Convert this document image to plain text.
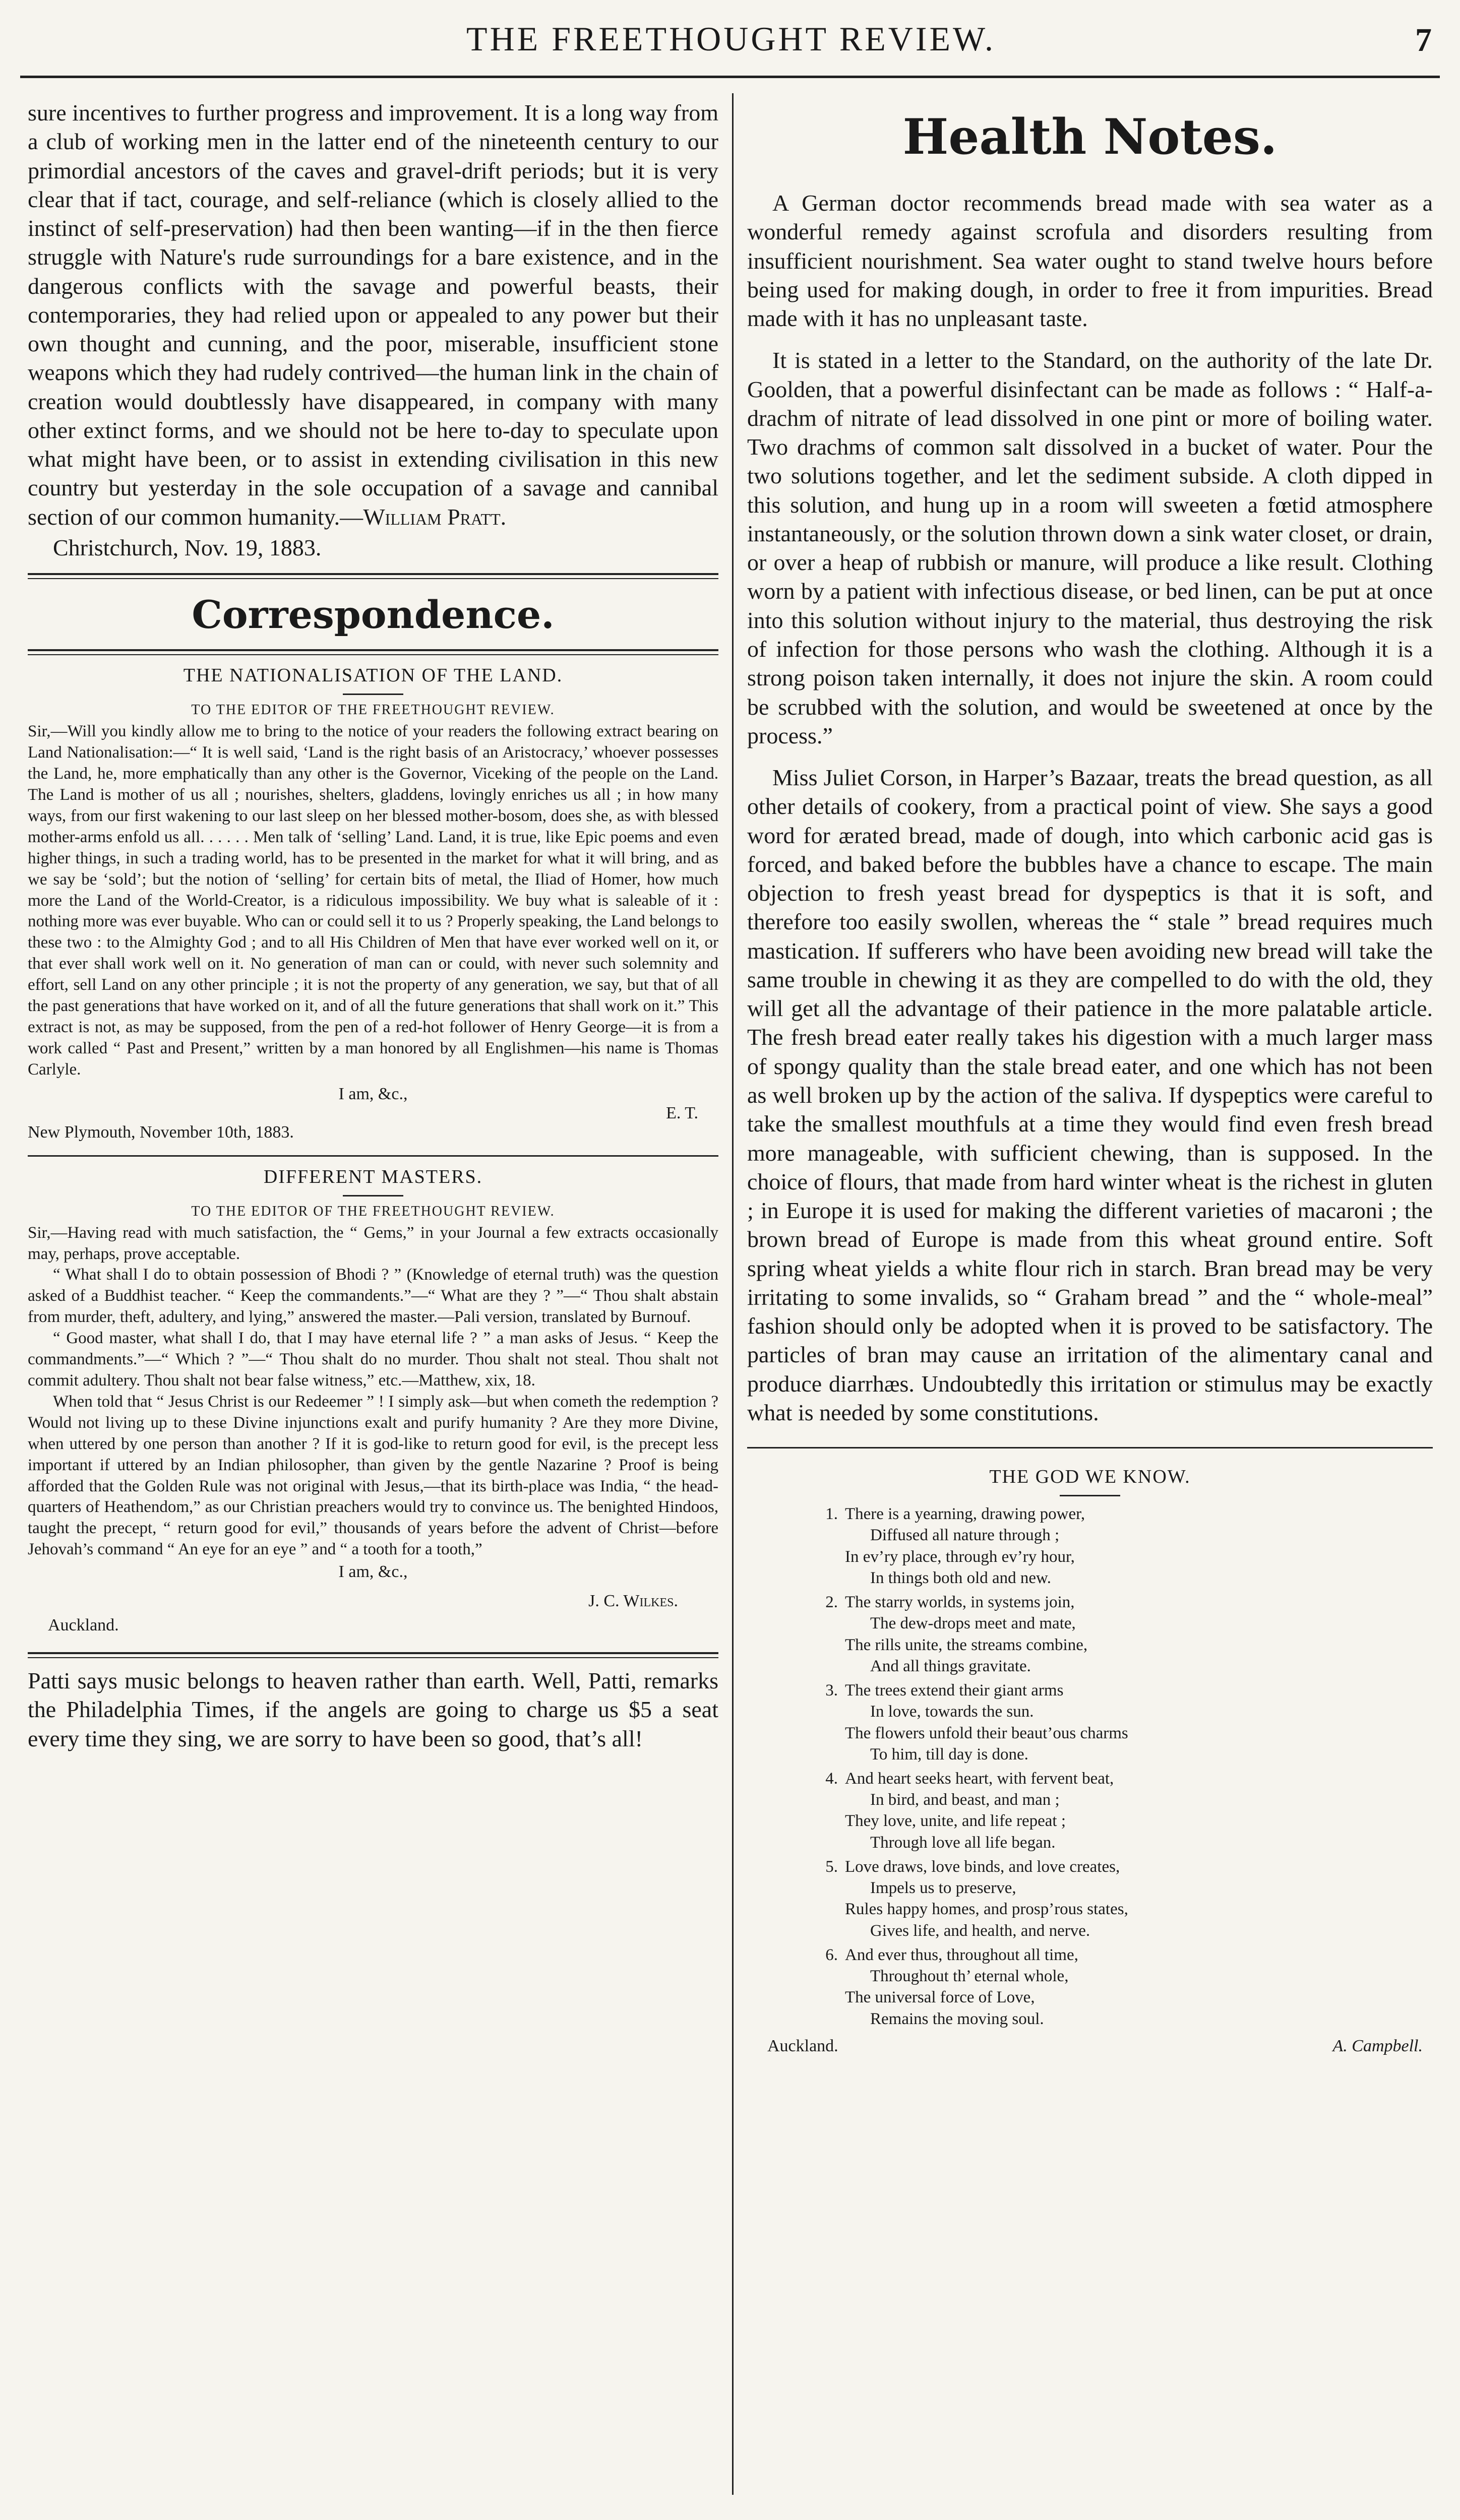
THE FREETHOUGHT REVIEW.	7

sure incentives to further progress and improvement. It is a long way from a club of working men in the latter end of the nineteenth century to our primordial ancestors of the caves and gravel-drift periods; but it is very clear that if tact, courage, and self-reliance (which is closely allied to the instinct of self-preservation) had then been wanting—if in the then fierce struggle with Nature's rude surroundings for a bare existence, and in the dangerous conflicts with the savage and powerful beasts, their contemporaries, they had relied upon or appealed to any power but their own thought and cunning, and the poor, miserable, insufficient stone weapons which they had rudely contrived—the human link in the chain of creation would doubtlessly have disappeared, in company with many other extinct forms, and we should not be here to-day to speculate upon what might have been, or to assist in extending civilisation in this new country but yesterday in the sole occupation of a savage and cannibal section of our common humanity.—William Pratt.

Christchurch, Nov. 19, 1883.

Correspondence.
THE NATIONALISATION OF THE LAND.
TO THE EDITOR OF THE FREETHOUGHT REVIEW.

Sir,—Will you kindly allow me to bring to the notice of your readers the following extract bearing on Land Nationalisation:—“ It is well said, ‘Land is the right basis of an Aristocracy,’ whoever possesses the Land, he, more emphatically than any other is the Governor, Viceking of the people on the Land. The Land is mother of us all ; nourishes, shelters, gladdens, lovingly enriches us all ; in how many ways, from our first wakening to our last sleep on her blessed mother-bosom, does she, as with blessed mother-arms enfold us all. . . . . . Men talk of ‘selling’ Land. Land, it is true, like Epic poems and even higher things, in such a trading world, has to be presented in the market for what it will bring, and as we say be ‘sold’; but the notion of ‘selling’ for certain bits of metal, the Iliad of Homer, how much more the Land of the World-Creator, is a ridiculous impossibility. We buy what is saleable of it : nothing more was ever buyable. Who can or could sell it to us ? Properly speaking, the Land belongs to these two : to the Almighty God ; and to all His Children of Men that have ever worked well on it, or that ever shall work well on it. No generation of man can or could, with never such solemnity and effort, sell Land on any other principle ; it is not the property of any generation, we say, but that of all the past generations that have worked on it, and of all the future generations that shall work on it.” This extract is not, as may be supposed, from the pen of a red-hot follower of Henry George—it is from a work called “ Past and Present,” written by a man honored by all Englishmen—his name is Thomas Carlyle.

I am, &c.,
E. T.
New Plymouth, November 10th, 1883.
DIFFERENT MASTERS.
TO THE EDITOR OF THE FREETHOUGHT REVIEW.

Sir,—Having read with much satisfaction, the “ Gems,” in your Journal a few extracts occasionally may, perhaps, prove acceptable.

“ What shall I do to obtain possession of Bhodi ? ” (Knowledge of eternal truth) was the question asked of a Buddhist teacher. “ Keep the commandents.”—“ What are they ? ”—“ Thou shalt abstain from murder, theft, adultery, and lying,” answered the master.—Pali version, translated by Burnouf.

“ Good master, what shall I do, that I may have eternal life ? ” a man asks of Jesus. “ Keep the commandments.”—“ Which ? ”—“ Thou shalt do no murder. Thou shalt not steal. Thou shalt not commit adultery. Thou shalt not bear false witness,” etc.—Matthew, xix, 18.

When told that “ Jesus Christ is our Redeemer ” ! I simply ask—but when cometh the redemption ? Would not living up to these Divine injunctions exalt and purify humanity ? Are they more Divine, when uttered by one person than another ? If it is god-like to return good for evil, is the precept less important if uttered by an Indian philosopher, than given by the gentle Nazarine ? Proof is being afforded that the Golden Rule was not original with Jesus,—that its birth-place was India, “ the head-quarters of Heathendom,” as our Christian preachers would try to convince us. The benighted Hindoos, taught the precept, “ return good for evil,” thousands of years before the advent of Christ—before Jehovah’s command “ An eye for an eye ” and “ a tooth for a tooth,”

I am, &c.,
J. C. Wilkes.
Auckland.

Patti says music belongs to heaven rather than earth. Well, Patti, remarks the Philadelphia Times, if the angels are going to charge us $5 a seat every time they sing, we are sorry to have been so good, that’s all!

Health Notes.

A German doctor recommends bread made with sea water as a wonderful remedy against scrofula and disorders resulting from insufficient nourishment. Sea water ought to stand twelve hours before being used for making dough, in order to free it from impurities. Bread made with it has no unpleasant taste.

It is stated in a letter to the Standard, on the authority of the late Dr. Goolden, that a powerful disinfectant can be made as follows : “ Half-a-drachm of nitrate of lead dissolved in one pint or more of boiling water. Two drachms of common salt dissolved in a bucket of water. Pour the two solutions together, and let the sediment subside. A cloth dipped in this solution, and hung up in a room will sweeten a fœtid atmosphere instantaneously, or the solution thrown down a sink water closet, or drain, or over a heap of rubbish or manure, will produce a like result. Clothing worn by a patient with infectious disease, or bed linen, can be put at once into this solution without injury to the material, thus destroying the risk of infection for those persons who wash the clothing. Although it is a strong poison taken internally, it does not injure the skin. A room could be scrubbed with the solution, and would be sweetened at once by the process.”

Miss Juliet Corson, in Harper’s Bazaar, treats the bread question, as all other details of cookery, from a practical point of view. She says a good word for ærated bread, made of dough, into which carbonic acid gas is forced, and baked before the bubbles have a chance to escape. The main objection to fresh yeast bread for dyspeptics is that it is soft, and therefore too easily swollen, whereas the “ stale ” bread requires much mastication. If sufferers who have been avoiding new bread will take the same trouble in chewing it as they are compelled to do with the old, they will get all the advantage of their patience in the more palatable article. The fresh bread eater really takes his digestion with a much larger mass of spongy quality than the stale bread eater, and one which has not been as well broken up by the action of the saliva. If dyspeptics were careful to take the smallest mouthfuls at a time they would find even fresh bread more manageable, with sufficient chewing, than is supposed. In the choice of flours, that made from hard winter wheat is the richest in gluten ; in Europe it is used for making the different varieties of macaroni ; the brown bread of Europe is made from this wheat ground entire. Soft spring wheat yields a white flour rich in starch. Bran bread may be very irritating to some invalids, so “ Graham bread ” and the “ whole-meal” fashion should only be adopted when it is proved to be satisfactory. The particles of bran may cause an irritation of the alimentary canal and produce diarrhæs. Undoubtedly this irritation or stimulus may be exactly what is needed by some constitutions.

THE GOD WE KNOW.
1. There is a yearning, drawing power,
Diffused all nature through ;
In ev’ry place, through ev’ry hour,
In things both old and new.
2. The starry worlds, in systems join,
The dew-drops meet and mate,
The rills unite, the streams combine,
And all things gravitate.
3. The trees extend their giant arms
In love, towards the sun.
The flowers unfold their beaut’ous charms
To him, till day is done.
4. And heart seeks heart, with fervent beat,
In bird, and beast, and man ;
They love, unite, and life repeat ;
Through love all life began.
5. Love draws, love binds, and love creates,
Impels us to preserve,
Rules happy homes, and prosp’rous states,
Gives life, and health, and nerve.
6. And ever thus, throughout all time,
Throughout th’ eternal whole,
The universal force of Love,
Remains the moving soul.
Auckland.	A. Campbell.
